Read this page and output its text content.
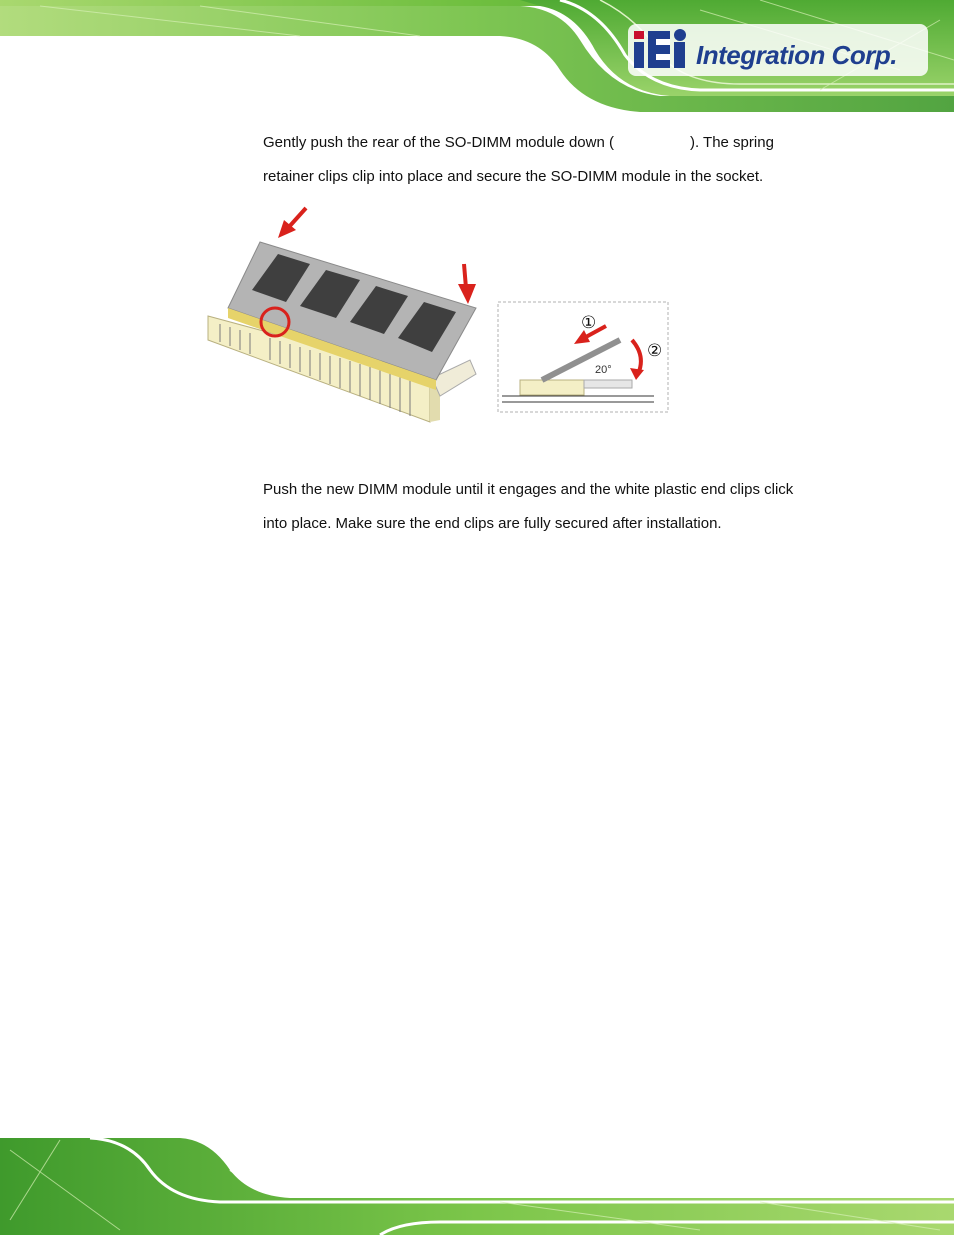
Integration Corp.
Gently push the rear of the SO-DIMM module down (	). The spring
retainer clips clip into place and secure the SO-DIMM module in the socket.
①
②
20°
Push the new DIMM module until it engages and the white plastic end clips click
into place. Make sure the end clips are fully secured after installation.
